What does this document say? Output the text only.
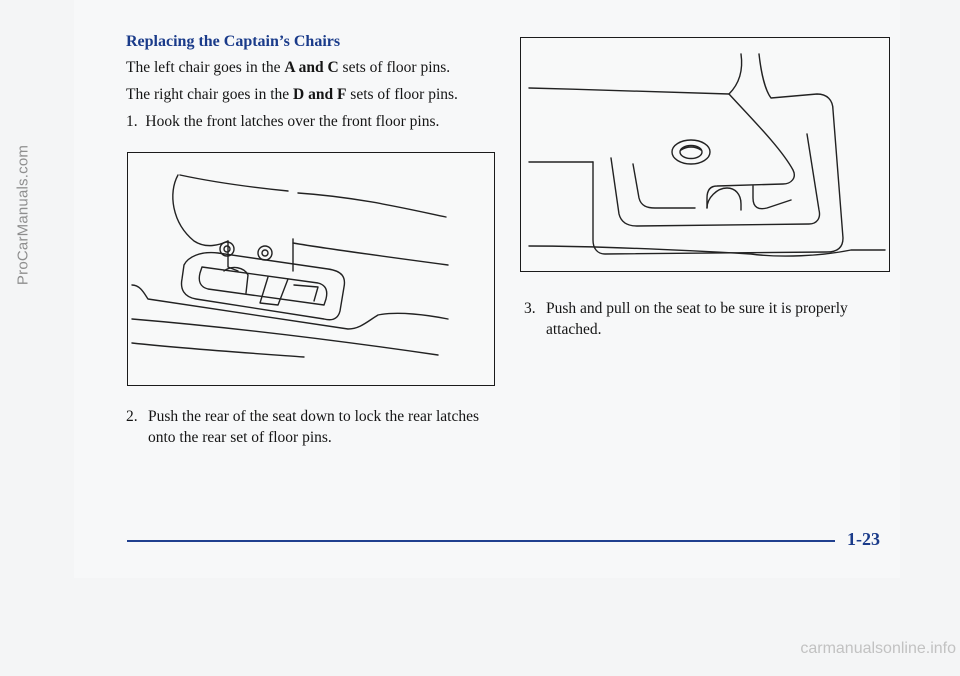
ProCarManuals.com
Replacing the Captain’s Chairs
The left chair goes in the A and C sets of floor pins.
The right chair goes in the D and F sets of floor pins.
1. Hook the front latches over the front floor pins.
2. Push the rear of the seat down to lock the rear latches onto the rear set of floor pins.
3. Push and pull on the seat to be sure it is properly attached.
1-23
carmanualsonline.info
